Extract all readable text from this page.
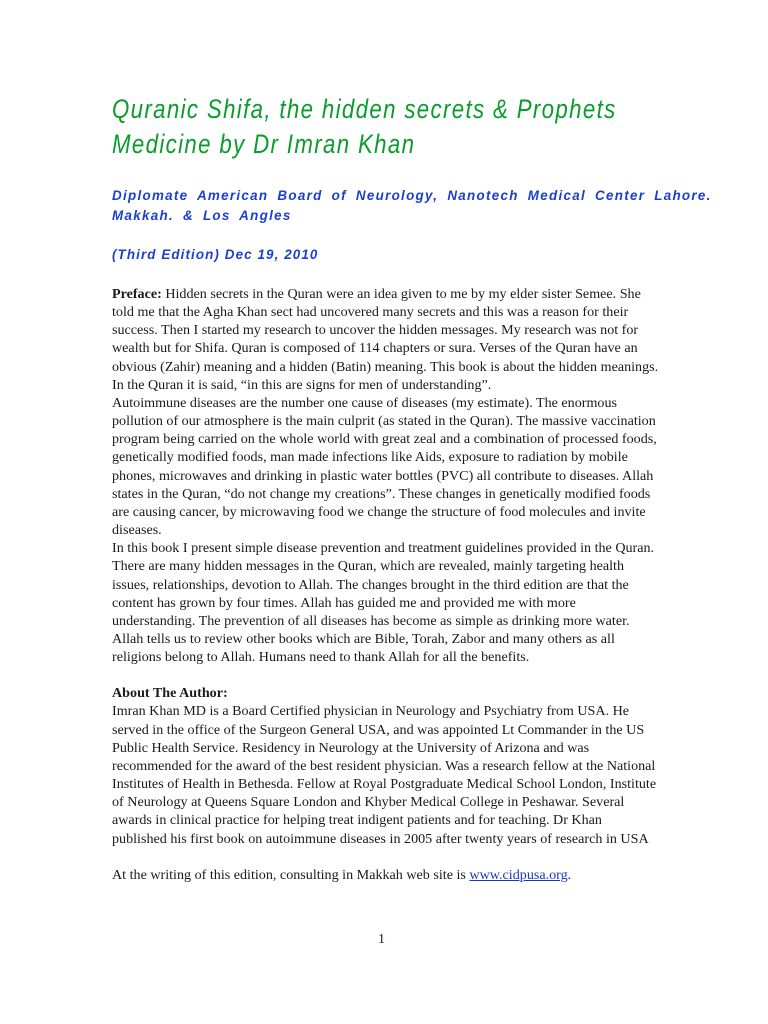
Quranic Shifa, the hidden secrets & Prophets
Medicine by Dr Imran Khan

Diplomate American Board of Neurology, Nanotech Medical Center Lahore.
Makkah. & Los Angles

(Third Edition) Dec 19, 2010

Preface: Hidden secrets in the Quran were an idea given to me by my elder sister Semee. She told me that the Agha Khan sect had uncovered many secrets and this was a reason for their success. Then I started my research to uncover the hidden messages. My research was not for wealth but for Shifa. Quran is composed of 114 chapters or sura. Verses of the Quran have an obvious (Zahir) meaning and a hidden (Batin) meaning. This book is about the hidden meanings. In the Quran it is said, “in this are signs for men of understanding”.

Autoimmune diseases are the number one cause of diseases (my estimate). The enormous pollution of our atmosphere is the main culprit (as stated in the Quran). The massive vaccination program being carried on the whole world with great zeal and a combination of processed foods, genetically modified foods, man made infections like Aids, exposure to radiation by mobile phones, microwaves and drinking in plastic water bottles (PVC) all contribute to diseases. Allah states in the Quran, “do not change my creations”. These changes in genetically modified foods are causing cancer, by microwaving food we change the structure of food molecules and invite diseases.

In this book I present simple disease prevention and treatment guidelines provided in the Quran. There are many hidden messages in the Quran, which are revealed, mainly targeting health issues, relationships, devotion to Allah. The changes brought in the third edition are that the content has grown by four times. Allah has guided me and provided me with more understanding. The prevention of all diseases has become as simple as drinking more water.

Allah tells us to review other books which are Bible, Torah, Zabor and many others as all religions belong to Allah. Humans need to thank Allah for all the benefits.

About The Author:

Imran Khan MD is a Board Certified physician in Neurology and Psychiatry from USA. He served in the office of the Surgeon General USA, and was appointed Lt Commander in the US Public Health Service. Residency in Neurology at the University of Arizona and was recommended for the award of the best resident physician. Was a research fellow at the National Institutes of Health in Bethesda. Fellow at Royal Postgraduate Medical School London, Institute of Neurology at Queens Square London and Khyber Medical College in Peshawar. Several awards in clinical practice for helping treat indigent patients and for teaching. Dr Khan published his first book on autoimmune diseases in 2005 after twenty years of research in USA

At the writing of this edition, consulting in Makkah web site is www.cidpusa.org.

1
